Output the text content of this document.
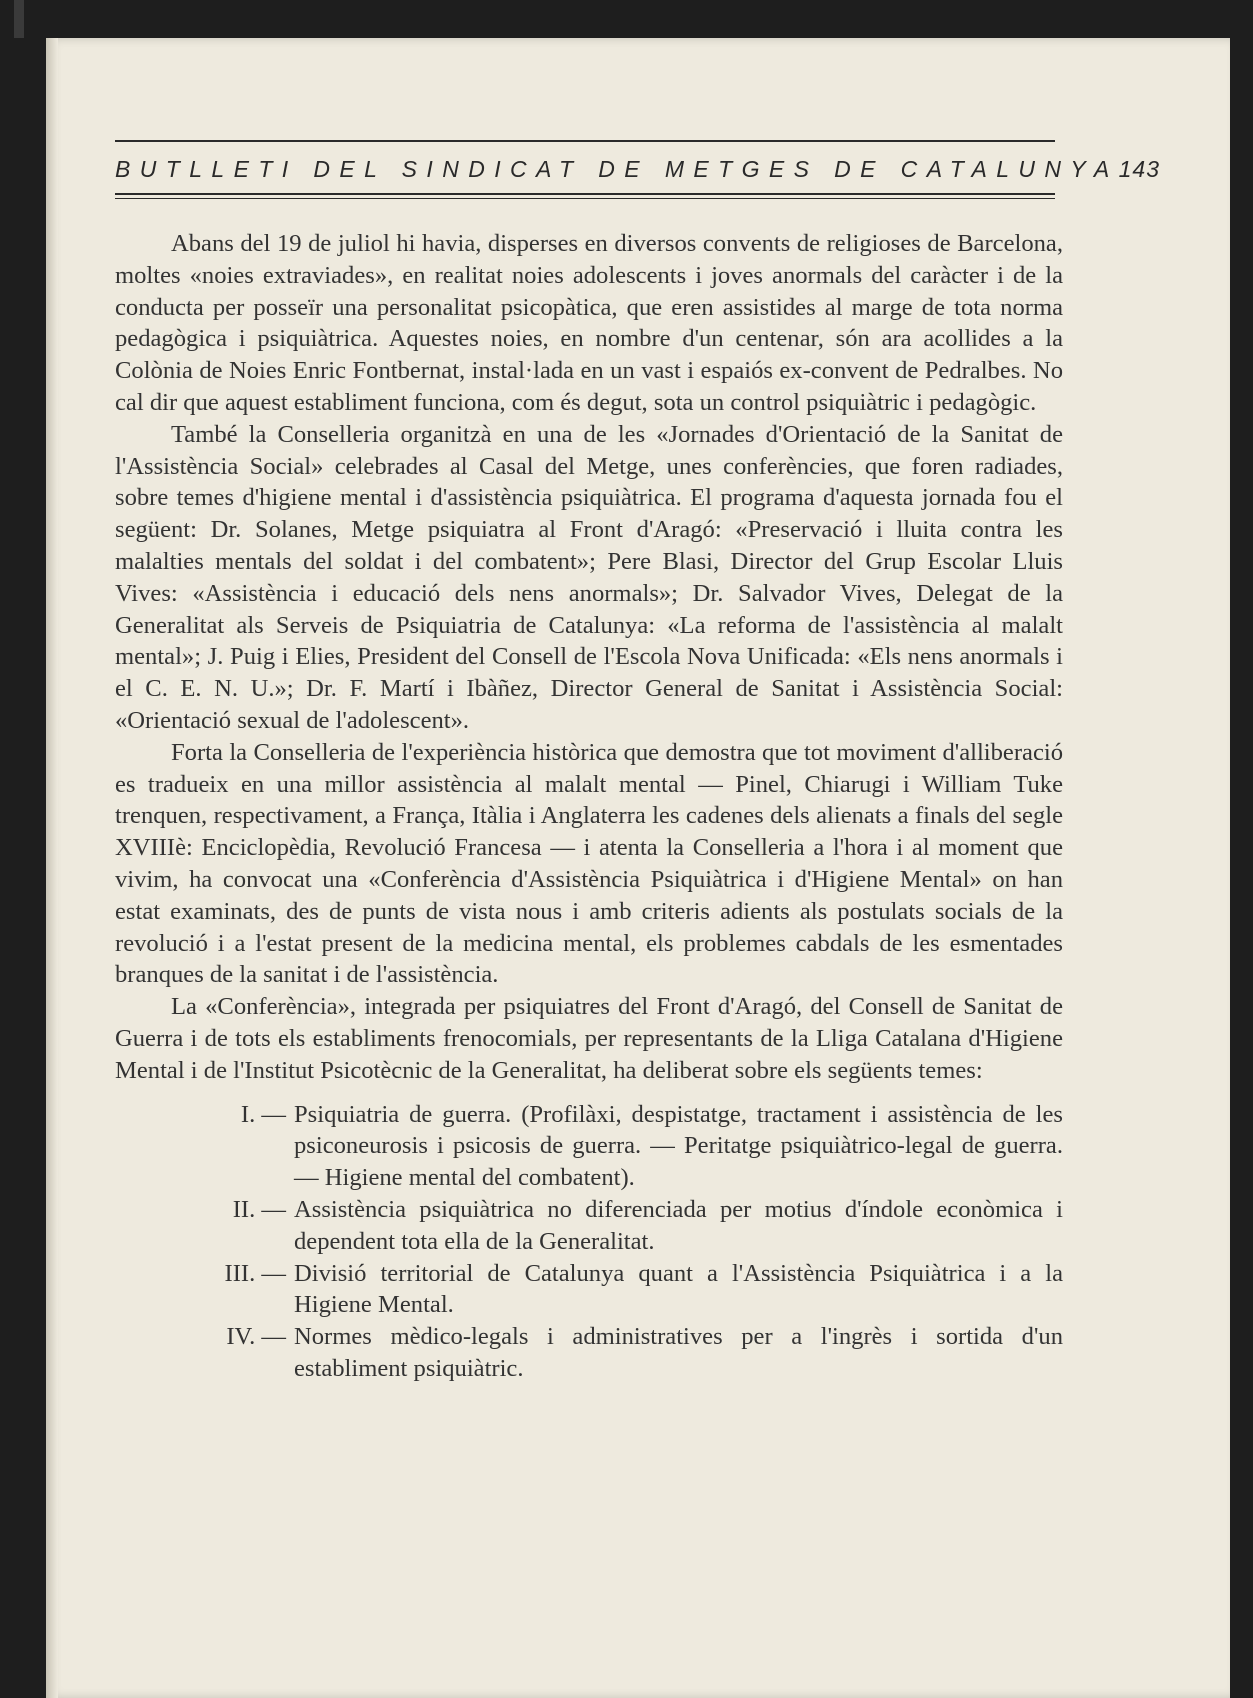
BUTLLETI DEL SINDICAT DE METGES DE CATALUNYA 143

Abans del 19 de juliol hi havia, disperses en diversos convents de religioses de Barcelona, moltes «noies extraviades», en realitat noies adolescents i joves anormals del caràcter i de la conducta per posseïr una personalitat psicopàtica, que eren assistides al marge de tota norma pedagògica i psiquiàtrica. Aquestes noies, en nombre d'un centenar, són ara acollides a la Colònia de Noies Enric Fontbernat, instal·lada en un vast i espaiós ex-convent de Pedralbes. No cal dir que aquest establiment funciona, com és degut, sota un control psiquiàtric i pedagògic.

També la Conselleria organitzà en una de les «Jornades d'Orientació de la Sanitat de l'Assistència Social» celebrades al Casal del Metge, unes conferències, que foren radiades, sobre temes d'higiene mental i d'assistència psiquiàtrica. El programa d'aquesta jornada fou el següent: Dr. Solanes, Metge psiquiatra al Front d'Aragó: «Preservació i lluita contra les malalties mentals del soldat i del combatent»; Pere Blasi, Director del Grup Escolar Lluis Vives: «Assistència i educació dels nens anormals»; Dr. Salvador Vives, Delegat de la Generalitat als Serveis de Psiquiatria de Catalunya: «La reforma de l'assistència al malalt mental»; J. Puig i Elies, President del Consell de l'Escola Nova Unificada: «Els nens anormals i el C. E. N. U.»; Dr. F. Martí i Ibàñez, Director General de Sanitat i Assistència Social: «Orientació sexual de l'adolescent».

Forta la Conselleria de l'experiència històrica que demostra que tot moviment d'alliberació es tradueix en una millor assistència al malalt mental — Pinel, Chiarugi i William Tuke trenquen, respectivament, a França, Itàlia i Anglaterra les cadenes dels alienats a finals del segle XVIIIè: Enciclopèdia, Revolució Francesa — i atenta la Conselleria a l'hora i al moment que vivim, ha convocat una «Conferència d'Assistència Psiquiàtrica i d'Higiene Mental» on han estat examinats, des de punts de vista nous i amb criteris adients als postulats socials de la revolució i a l'estat present de la medicina mental, els problemes cabdals de les esmentades branques de la sanitat i de l'assistència.

La «Conferència», integrada per psiquiatres del Front d'Aragó, del Consell de Sanitat de Guerra i de tots els establiments frenocomials, per representants de la Lliga Catalana d'Higiene Mental i de l'Institut Psicotècnic de la Generalitat, ha deliberat sobre els següents temes:

I. — Psiquiatria de guerra. (Profilàxi, despistatge, tractament i assistència de les psiconeurosis i psicosis de guerra. — Peritatge psiquiàtrico-legal de guerra. — Higiene mental del combatent).
II. — Assistència psiquiàtrica no diferenciada per motius d'índole econòmica i dependent tota ella de la Generalitat.
III. — Divisió territorial de Catalunya quant a l'Assistència Psiquiàtrica i a la Higiene Mental.
IV. — Normes mèdico-legals i administratives per a l'ingrès i sortida d'un establiment psiquiàtric.
